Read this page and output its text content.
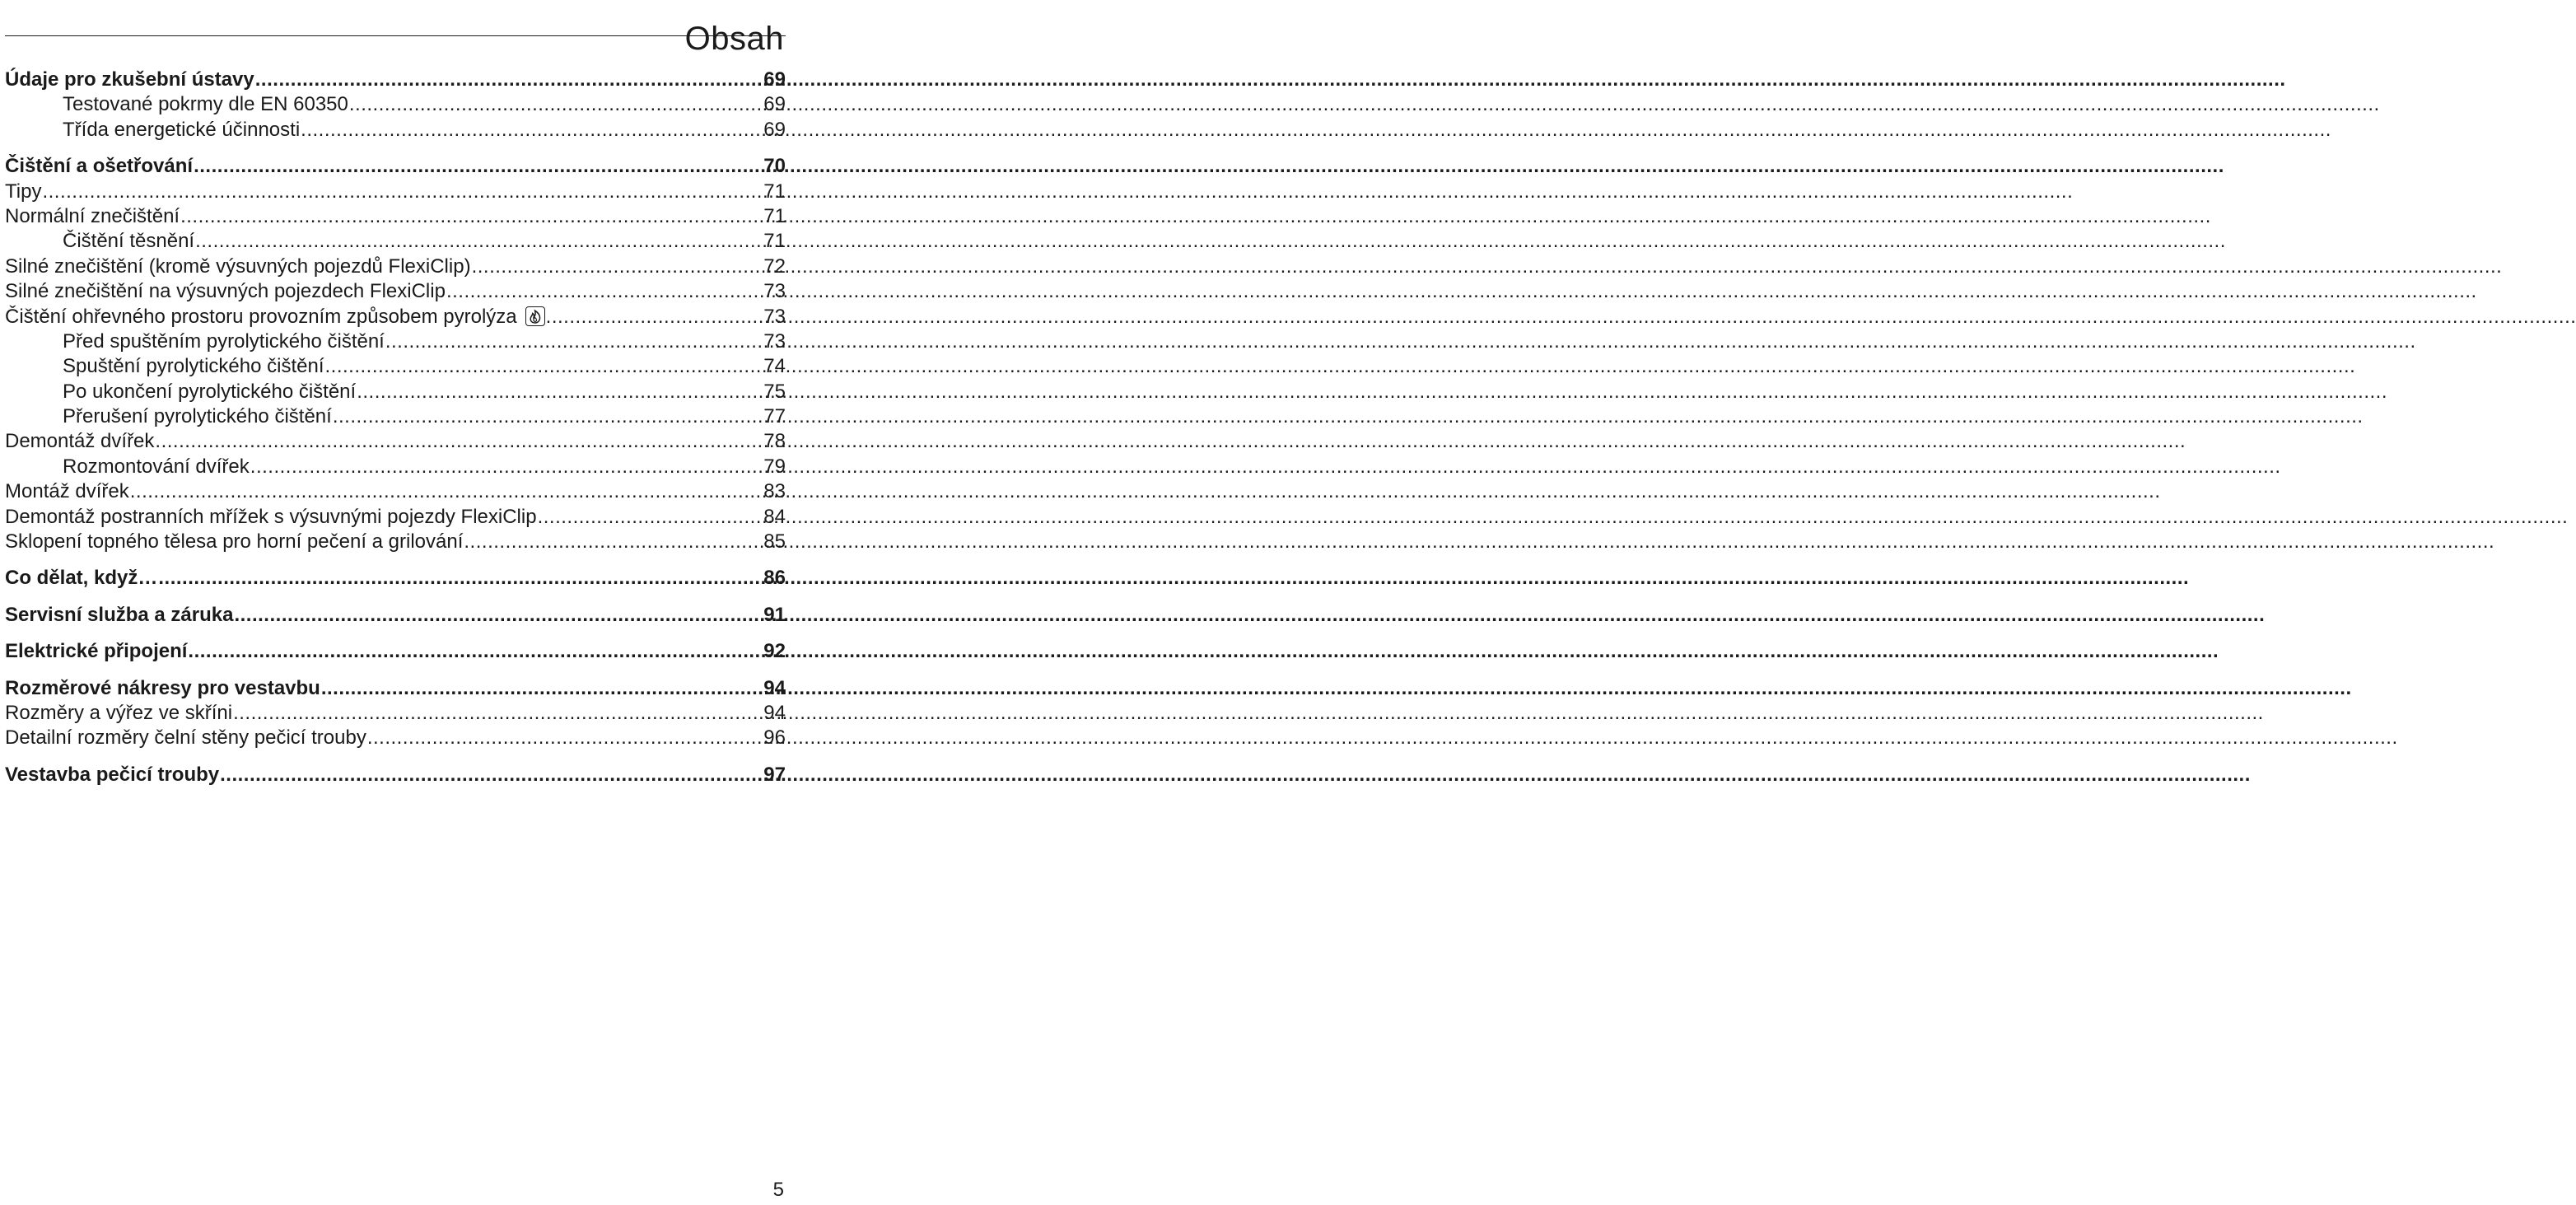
Obsah
Údaje pro zkušební ústavy .....	69
Testované pokrmy dle EN 60350 .....	69
Třída energetické účinnosti .....	69
Čištění a ošetřování .....	70
Tipy .....	71
Normální znečištění .....	71
Čištění těsnění .....	71
Silné znečištění (kromě výsuvných pojezdů FlexiClip) .....	72
Silné znečištění na výsuvných pojezdech FlexiClip .....	73
Čištění ohřevného prostoru provozním způsobem pyrolýza .....	73
Před spuštěním pyrolytického čištění .....	73
Spuštění pyrolytického čištění .....	74
Po ukončení pyrolytického čištění .....	75
Přerušení pyrolytického čištění .....	77
Demontáž dvířek .....	78
Rozmontování dvířek .....	79
Montáž dvířek .....	83
Demontáž postranních mřížek s výsuvnými pojezdy FlexiClip .....	84
Sklopení topného tělesa pro horní pečení a grilování .....	85
Co dělat, když… .....	86
Servisní služba a záruka .....	91
Elektrické připojení .....	92
Rozměrové nákresy pro vestavbu .....	94
Rozměry a výřez ve skříni .....	94
Detailní rozměry čelní stěny pečicí trouby .....	96
Vestavba pečicí trouby .....	97
5
